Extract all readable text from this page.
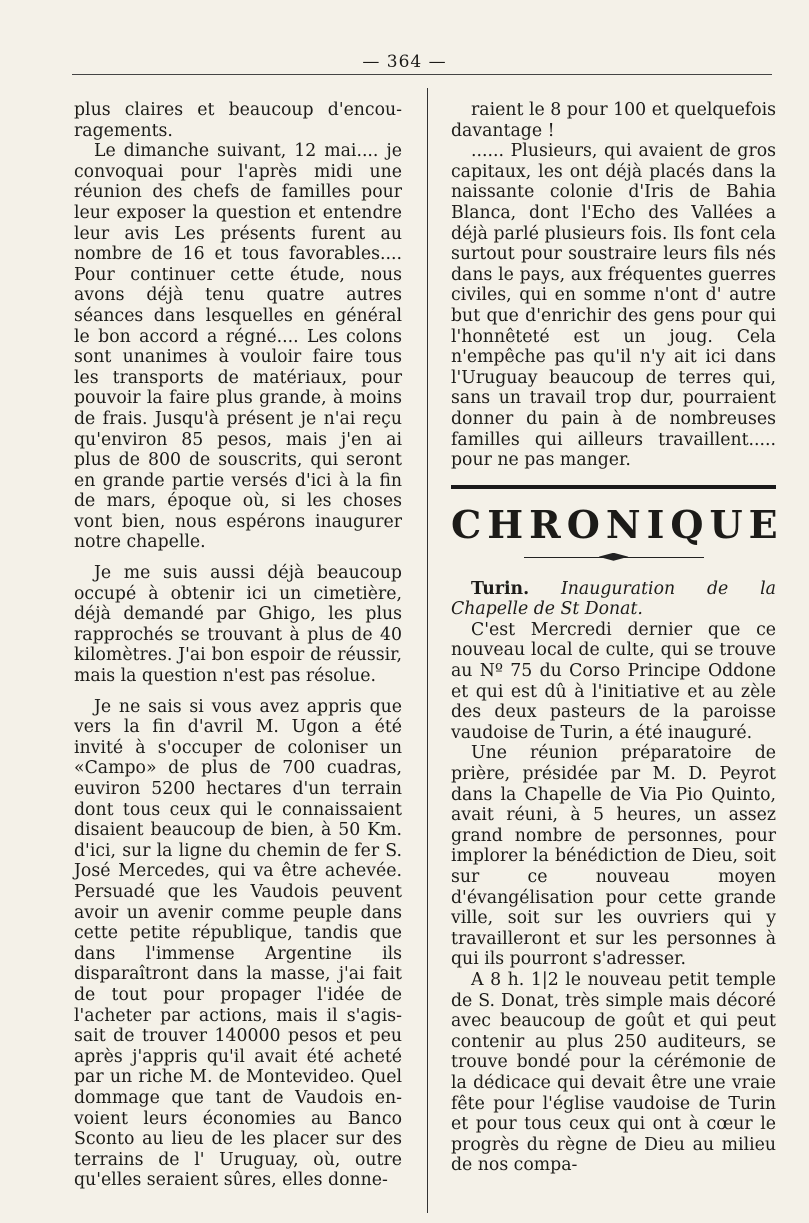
— 364 —

plus claires et beaucoup d'encouragements.

Le dimanche suivant, 12 mai.... je convoquai pour l'après midi une réunion des chefs de familles pour leur exposer la question et entendre leur avis Les présents furent au nombre de 16 et tous favorables.... Pour continuer cette étude, nous avons déjà tenu quatre autres séances dans lesquelles en général le bon accord a régné.... Les colons sont unanimes à vouloir faire tous les transports de matériaux, pour pouvoir la faire plus grande, à moins de frais. Jusqu'à présent je n'ai reçu qu'environ 85 pesos, mais j'en ai plus de 800 de souscrits, qui seront en grande partie versés d'ici à la fin de mars, époque où, si les choses vont bien, nous espérons inaugurer notre chapelle.

Je me suis aussi déjà beaucoup occupé à obtenir ici un cimetière, déjà demandé par Ghigo, les plus rapprochés se trouvant à plus de 40 kilomètres. J'ai bon espoir de réussir, mais la question n'est pas résolue.

Je ne sais si vous avez appris que vers la fin d'avril M. Ugon a été invité à s'occuper de coloniser un «Campo» de plus de 700 cuadras, euviron 5200 hectares d'un terrain dont tous ceux qui le connaissaient disaient beaucoup de bien, à 50 Km. d'ici, sur la ligne du chemin de fer S. José Mercedes, qui va être achevée. Persuadé que les Vaudois peuvent avoir un avenir comme peuple dans cette petite république, tandis que dans l'immense Argentine ils disparaîtront dans la masse, j'ai fait de tout pour propager l'idée de l'acheter par actions, mais il s'agissait de trouver 140000 pesos et peu après j'appris qu'il avait été acheté par un riche M. de Montevideo. Quel dommage que tant de Vaudois envoient leurs économies au Banco Sconto au lieu de les placer sur des terrains de l' Uruguay, où, outre qu'elles seraient sûres, elles donne-

raient le 8 pour 100 et quelquefois davantage !

...... Plusieurs, qui avaient de gros capitaux, les ont déjà placés dans la naissante colonie d'Iris de Bahia Blanca, dont l'Echo des Vallées a déjà parlé plusieurs fois. Ils font cela surtout pour soustraire leurs fils nés dans le pays, aux fréquentes guerres civiles, qui en somme n'ont d' autre but que d'enrichir des gens pour qui l'honnêteté est un joug. Cela n'empêche pas qu'il n'y ait ici dans l'Uruguay beaucoup de terres qui, sans un travail trop dur, pourraient donner du pain à de nombreuses familles qui ailleurs travaillent..... pour ne pas manger.

CHRONIQUE

Turin. Inauguration de la Chapelle de St Donat.

C'est Mercredi dernier que ce nouveau local de culte, qui se trouve au Nº 75 du Corso Principe Oddone et qui est dû à l'initiative et au zèle des deux pasteurs de la paroisse vaudoise de Turin, a été inauguré.

Une réunion préparatoire de prière, présidée par M. D. Peyrot dans la Chapelle de Via Pio Quinto, avait réuni, à 5 heures, un assez grand nombre de personnes, pour implorer la bénédiction de Dieu, soit sur ce nouveau moyen d'évangélisation pour cette grande ville, soit sur les ouvriers qui y travailleront et sur les personnes à qui ils pourront s'adresser.

A 8 h. 1|2 le nouveau petit temple de S. Donat, très simple mais décoré avec beaucoup de goût et qui peut contenir au plus 250 auditeurs, se trouve bondé pour la cérémonie de la dédicace qui devait être une vraie fête pour l'église vaudoise de Turin et pour tous ceux qui ont à cœur le progrès du règne de Dieu au milieu de nos compa-
